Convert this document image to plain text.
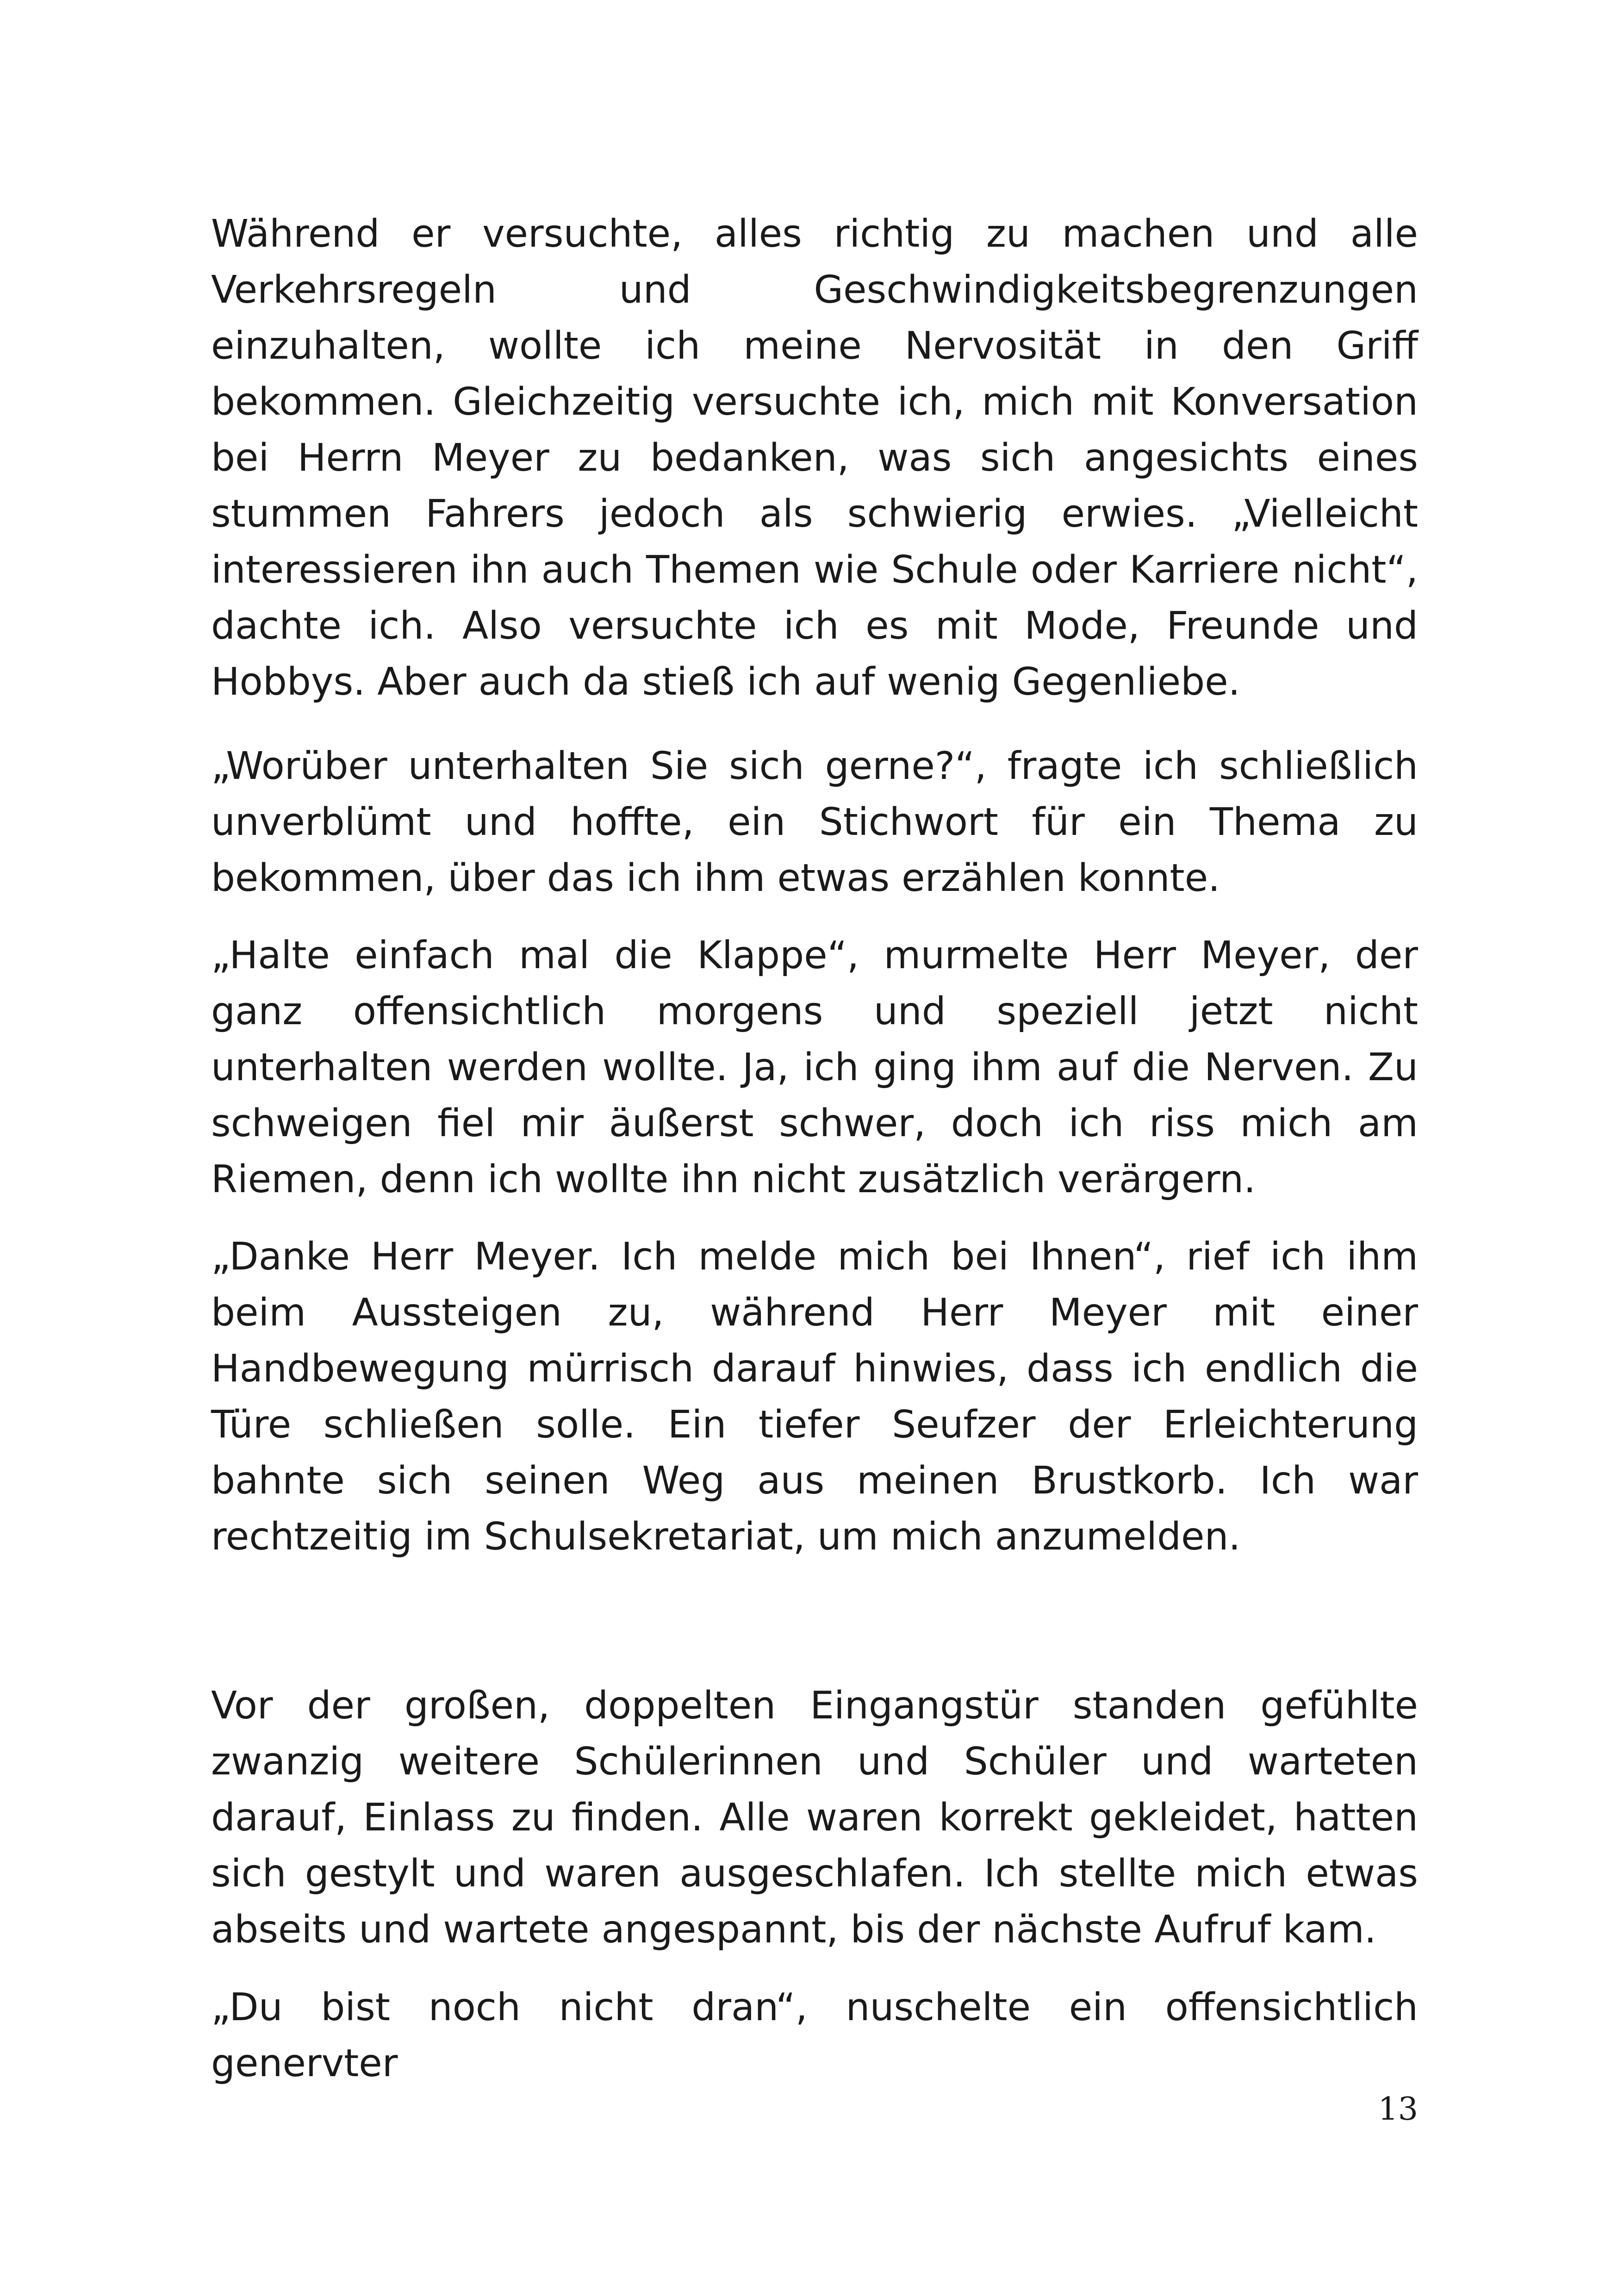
Während er versuchte, alles richtig zu machen und alle Verkehrsregeln und Geschwindigkeitsbegrenzungen einzuhalten, wollte ich meine Nervosität in den Griff bekommen. Gleichzeitig versuchte ich, mich mit Konversation bei Herrn Meyer zu bedanken, was sich angesichts eines stummen Fahrers jedoch als schwierig erwies. „Vielleicht interessieren ihn auch Themen wie Schule oder Karriere nicht“, dachte ich. Also versuchte ich es mit Mode, Freunde und Hobbys. Aber auch da stieß ich auf wenig Gegenliebe.

„Worüber unterhalten Sie sich gerne?“, fragte ich schließlich unverblümt und hoffte, ein Stichwort für ein Thema zu bekommen, über das ich ihm etwas erzählen konnte.

„Halte einfach mal die Klappe“, murmelte Herr Meyer, der ganz offensichtlich morgens und speziell jetzt nicht unterhalten werden wollte. Ja, ich ging ihm auf die Nerven. Zu schweigen fiel mir äußerst schwer, doch ich riss mich am Riemen, denn ich wollte ihn nicht zusätzlich verärgern.

„Danke Herr Meyer. Ich melde mich bei Ihnen“, rief ich ihm beim Aussteigen zu, während Herr Meyer mit einer Handbewegung mürrisch darauf hinwies, dass ich endlich die Türe schließen solle. Ein tiefer Seufzer der Erleichterung bahnte sich seinen Weg aus meinen Brustkorb. Ich war rechtzeitig im Schulsekretariat, um mich anzumelden.

Vor der großen, doppelten Eingangstür standen gefühlte zwanzig weitere Schülerinnen und Schüler und warteten darauf, Einlass zu finden. Alle waren korrekt gekleidet, hatten sich gestylt und waren ausgeschlafen. Ich stellte mich etwas abseits und wartete angespannt, bis der nächste Aufruf kam.

„Du bist noch nicht dran“, nuschelte ein offensichtlich genervter

13
